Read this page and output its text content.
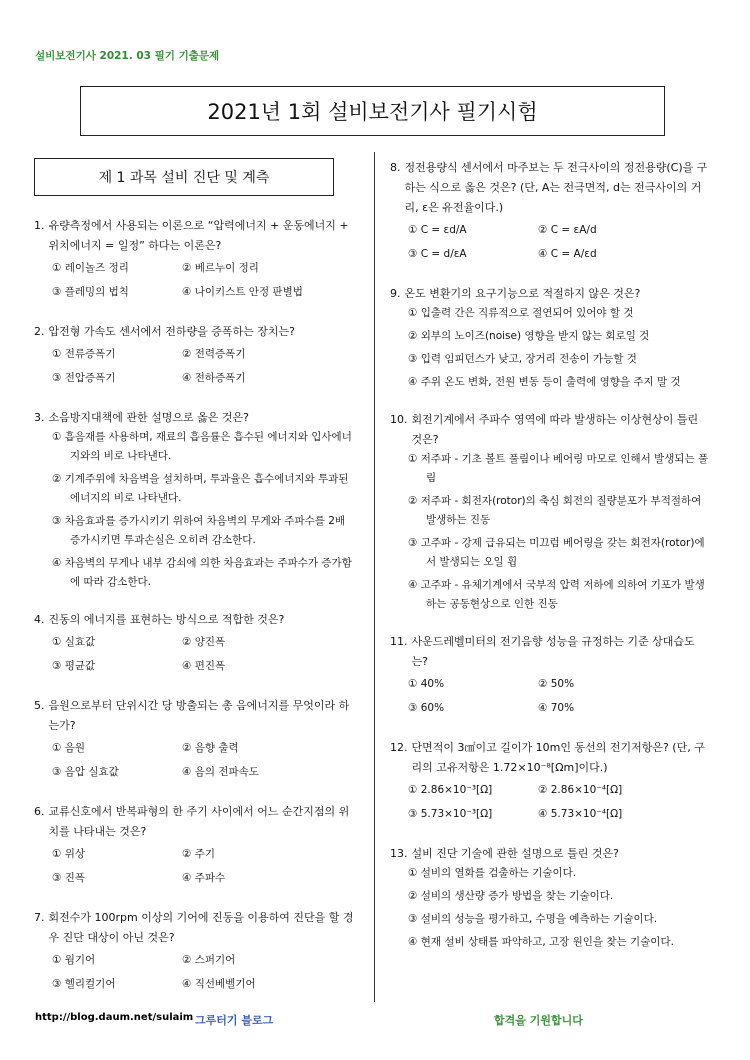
설비보전기사 2021. 03 필기 기출문제
2021년 1회 설비보전기사 필기시험
제 1 과목 설비 진단 및 계측
1. 유량측정에서 사용되는 이론으로 “압력에너지 + 운동에너지 + 위치에너지 = 일정” 하다는 이론은?
① 레이놀즈 정리	② 베르누이 정리
③ 플레밍의 법칙	④ 나이키스트 안정 판별법
2. 압전형 가속도 센서에서 전하량을 증폭하는 장치는?
① 전류증폭기	② 전력증폭기
③ 전압증폭기	④ 전하증폭기
3. 소음방지대책에 관한 설명으로 옳은 것은?
① 흡음재를 사용하며, 재료의 흡음률은 흡수된 에너지와 입사에너지와의 비로 나타낸다.
② 기계주위에 차음벽을 설치하며, 투과율은 흡수에너지와 투과된 에너지의 비로 나타낸다.
③ 차음효과를 증가시키기 위하여 차음벽의 무게와 주파수를 2배 증가시키면 투과손실은 오히려 감소한다.
④ 차음벽의 무게나 내부 감쇠에 의한 차음효과는 주파수가 증가함에 따라 감소한다.
4. 진동의 에너지를 표현하는 방식으로 적합한 것은?
① 실효값	② 양진폭
③ 평균값	④ 편진폭
5. 음원으로부터 단위시간 당 방출되는 총 음에너지를 무엇이라 하는가?
① 음원	② 음향 출력
③ 음압 실효값	④ 음의 전파속도
6. 교류신호에서 반복파형의 한 주기 사이에서 어느 순간지점의 위치를 나타내는 것은?
① 위상	② 주기
③ 진폭	④ 주파수
7. 회전수가 100rpm 이상의 기어에 진동을 이용하여 진단을 할 경우 진단 대상이 아닌 것은?
① 웜기어	② 스퍼기어
③ 헬리컬기어	④ 직선베벨기어
8. 정전용량식 센서에서 마주보는 두 전극사이의 정전용량(C)을 구하는 식으로 옳은 것은? (단, A는 전극면적, d는 전극사이의 거리, ε은 유전율이다.)
① C = εd/A	② C = εA/d
③ C = d/εA	④ C = A/εd
9. 온도 변환기의 요구기능으로 적절하지 않은 것은?
① 입출력 간은 직류적으로 절연되어 있어야 할 것
② 외부의 노이즈(noise) 영향을 받지 않는 회로일 것
③ 입력 임피던스가 낮고, 장거리 전송이 가능할 것
④ 주위 온도 변화, 전원 변동 등이 출력에 영향을 주지 말 것
10. 회전기계에서 주파수 영역에 따라 발생하는 이상현상이 틀린 것은?
① 저주파 - 기초 볼트 풀림이나 베어링 마모로 인해서 발생되는 풀림
② 저주파 - 회전자(rotor)의 축심 회전의 질량분포가 부적절하여 발생하는 진동
③ 고주파 - 강제 급유되는 미끄럼 베어링을 갖는 회전자(rotor)에서 발생되는 오일 휩
④ 고주파 - 유체기계에서 국부적 압력 저하에 의하여 기포가 발생하는 공동현상으로 인한 진동
11. 사운드레벨미터의 전기음향 성능을 규정하는 기준 상대습도는?
① 40%	② 50%
③ 60%	④ 70%
12. 단면적이 3㎠이고 길이가 10m인 동선의 전기저항은? (단, 구리의 고유저항은 1.72×10⁻⁸[Ωm]이다.)
① 2.86×10⁻³[Ω]	② 2.86×10⁻⁴[Ω]
③ 5.73×10⁻³[Ω]	④ 5.73×10⁻⁴[Ω]
13. 설비 진단 기술에 관한 설명으로 틀린 것은?
① 설비의 열화를 검출하는 기술이다.
② 설비의 생산량 증가 방법을 찾는 기술이다.
③ 설비의 성능을 평가하고, 수명을 예측하는 기술이다.
④ 현재 설비 상태를 파악하고, 고장 원인을 찾는 기술이다.
http://blog.daum.net/sulaim 그루터기 블로그	합격을 기원합니다
